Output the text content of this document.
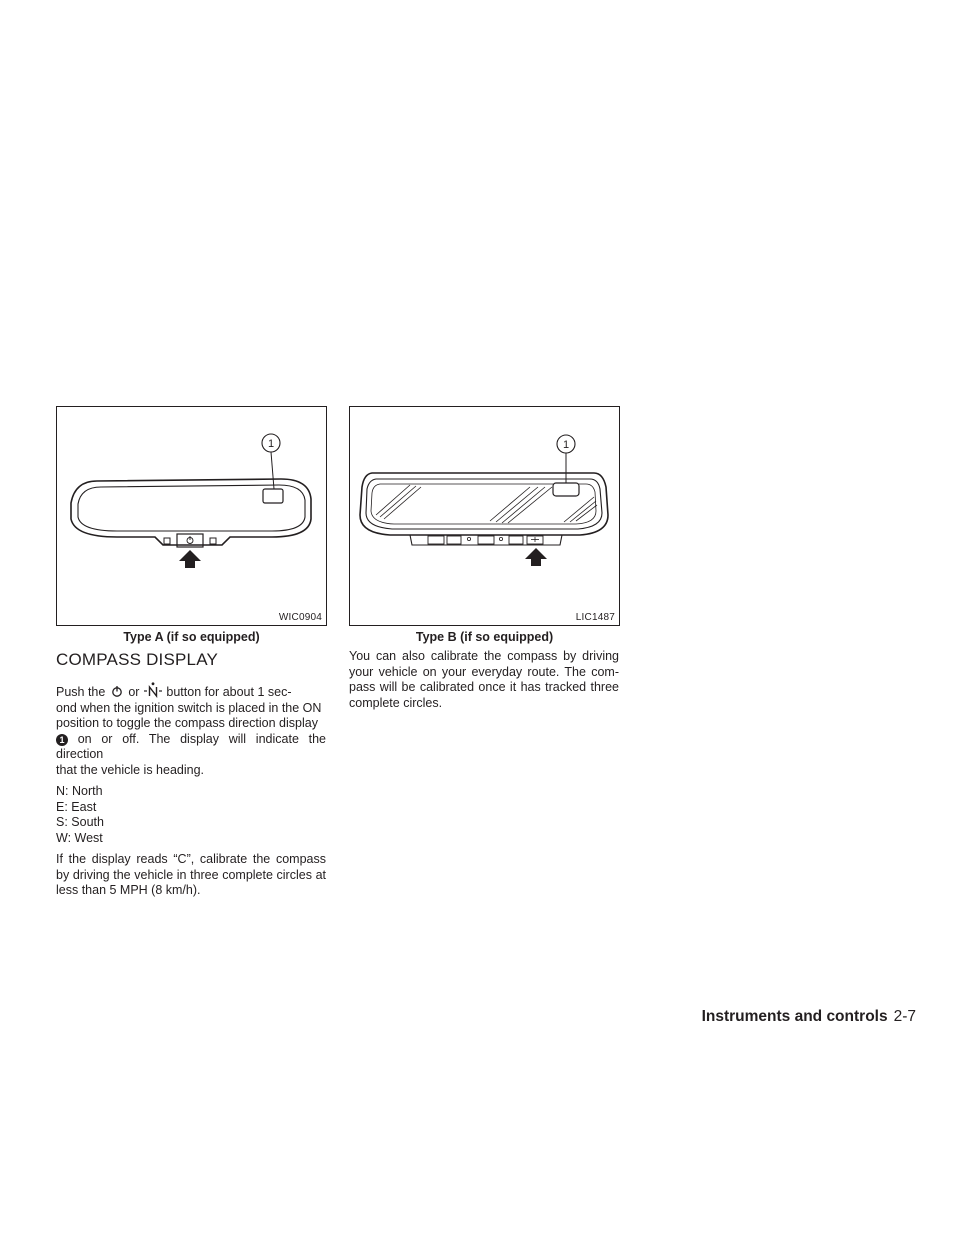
1
WIC0904
Type A (if so equipped)
1
LIC1487
Type B (if so equipped)
COMPASS DISPLAY

Push the or button for about 1 sec-
ond when the ignition switch is placed in the ON
position to toggle the compass direction display
1 on or off. The display will indicate the direction
that the vehicle is heading.

N: North
E: East
S: South
W: West

If the display reads “C”, calibrate the compass by driving the vehicle in three complete circles at less than 5 MPH (8 km/h).

You can also calibrate the compass by driving your vehicle on your everyday route. The com-pass will be calibrated once it has tracked three complete circles.

Instruments and controls 2-7
